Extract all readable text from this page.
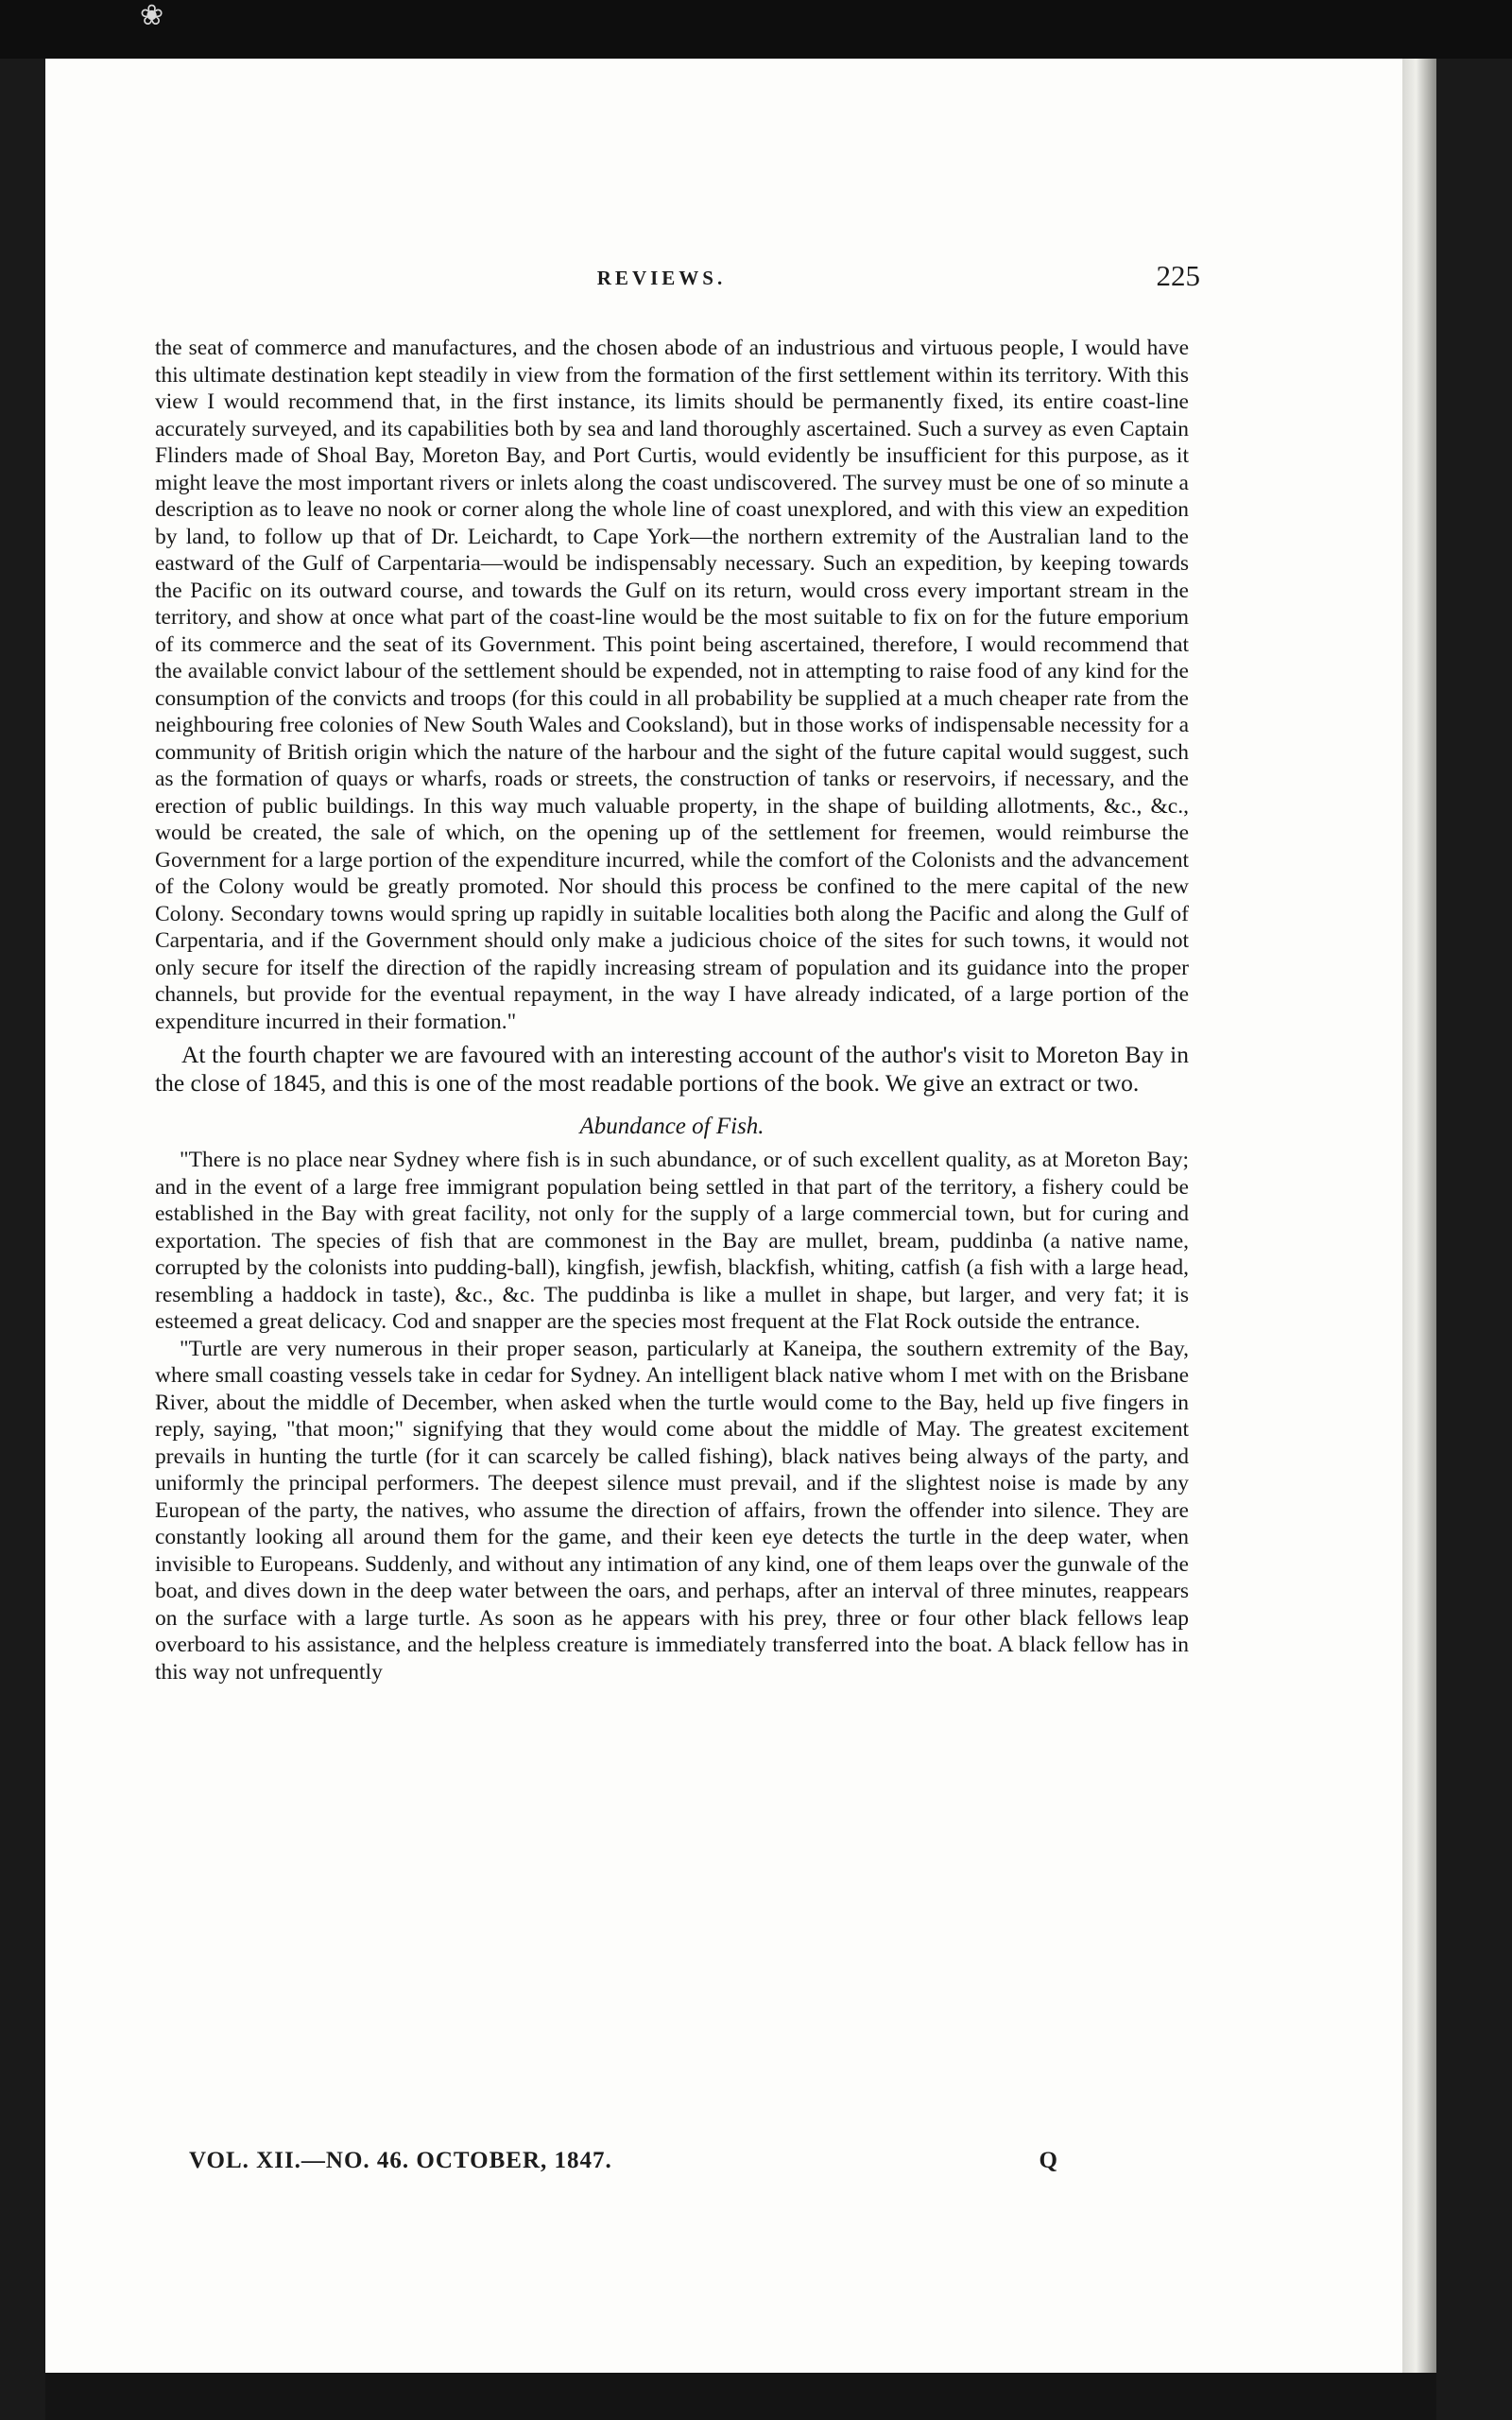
❀
REVIEWS.	225

the seat of commerce and manufactures, and the chosen abode of an industrious and virtuous people, I would have this ultimate destination kept steadily in view from the formation of the first settlement within its territory. With this view I would recommend that, in the first instance, its limits should be permanently fixed, its entire coast-line accurately surveyed, and its capabilities both by sea and land thoroughly ascertained. Such a survey as even Captain Flinders made of Shoal Bay, Moreton Bay, and Port Curtis, would evidently be insufficient for this purpose, as it might leave the most important rivers or inlets along the coast undiscovered. The survey must be one of so minute a description as to leave no nook or corner along the whole line of coast unexplored, and with this view an expedition by land, to follow up that of Dr. Leichardt, to Cape York—the northern extremity of the Australian land to the eastward of the Gulf of Carpentaria—would be indispensably necessary. Such an expedition, by keeping towards the Pacific on its outward course, and towards the Gulf on its return, would cross every important stream in the territory, and show at once what part of the coast-line would be the most suitable to fix on for the future emporium of its commerce and the seat of its Government. This point being ascertained, therefore, I would recommend that the available convict labour of the settlement should be expended, not in attempting to raise food of any kind for the consumption of the convicts and troops (for this could in all probability be supplied at a much cheaper rate from the neighbouring free colonies of New South Wales and Cooksland), but in those works of indispensable necessity for a community of British origin which the nature of the harbour and the sight of the future capital would suggest, such as the formation of quays or wharfs, roads or streets, the construction of tanks or reservoirs, if necessary, and the erection of public buildings. In this way much valuable property, in the shape of building allotments, &c., &c., would be created, the sale of which, on the opening up of the settlement for freemen, would reimburse the Government for a large portion of the expenditure incurred, while the comfort of the Colonists and the advancement of the Colony would be greatly promoted. Nor should this process be confined to the mere capital of the new Colony. Secondary towns would spring up rapidly in suitable localities both along the Pacific and along the Gulf of Carpentaria, and if the Government should only make a judicious choice of the sites for such towns, it would not only secure for itself the direction of the rapidly increasing stream of population and its guidance into the proper channels, but provide for the eventual repayment, in the way I have already indicated, of a large portion of the expenditure incurred in their formation."

At the fourth chapter we are favoured with an interesting account of the author's visit to Moreton Bay in the close of 1845, and this is one of the most readable portions of the book. We give an extract or two.

Abundance of Fish.

"There is no place near Sydney where fish is in such abundance, or of such excellent quality, as at Moreton Bay; and in the event of a large free immigrant population being settled in that part of the territory, a fishery could be established in the Bay with great facility, not only for the supply of a large commercial town, but for curing and exportation. The species of fish that are commonest in the Bay are mullet, bream, puddinba (a native name, corrupted by the colonists into pudding-ball), kingfish, jewfish, blackfish, whiting, catfish (a fish with a large head, resembling a haddock in taste), &c., &c. The puddinba is like a mullet in shape, but larger, and very fat; it is esteemed a great delicacy. Cod and snapper are the species most frequent at the Flat Rock outside the entrance.

"Turtle are very numerous in their proper season, particularly at Kaneipa, the southern extremity of the Bay, where small coasting vessels take in cedar for Sydney. An intelligent black native whom I met with on the Brisbane River, about the middle of December, when asked when the turtle would come to the Bay, held up five fingers in reply, saying, "that moon;" signifying that they would come about the middle of May. The greatest excitement prevails in hunting the turtle (for it can scarcely be called fishing), black natives being always of the party, and uniformly the principal performers. The deepest silence must prevail, and if the slightest noise is made by any European of the party, the natives, who assume the direction of affairs, frown the offender into silence. They are constantly looking all around them for the game, and their keen eye detects the turtle in the deep water, when invisible to Europeans. Suddenly, and without any intimation of any kind, one of them leaps over the gunwale of the boat, and dives down in the deep water between the oars, and perhaps, after an interval of three minutes, reappears on the surface with a large turtle. As soon as he appears with his prey, three or four other black fellows leap overboard to his assistance, and the helpless creature is immediately transferred into the boat. A black fellow has in this way not unfrequently

VOL. XII.—NO. 46. OCTOBER, 1847.	Q
